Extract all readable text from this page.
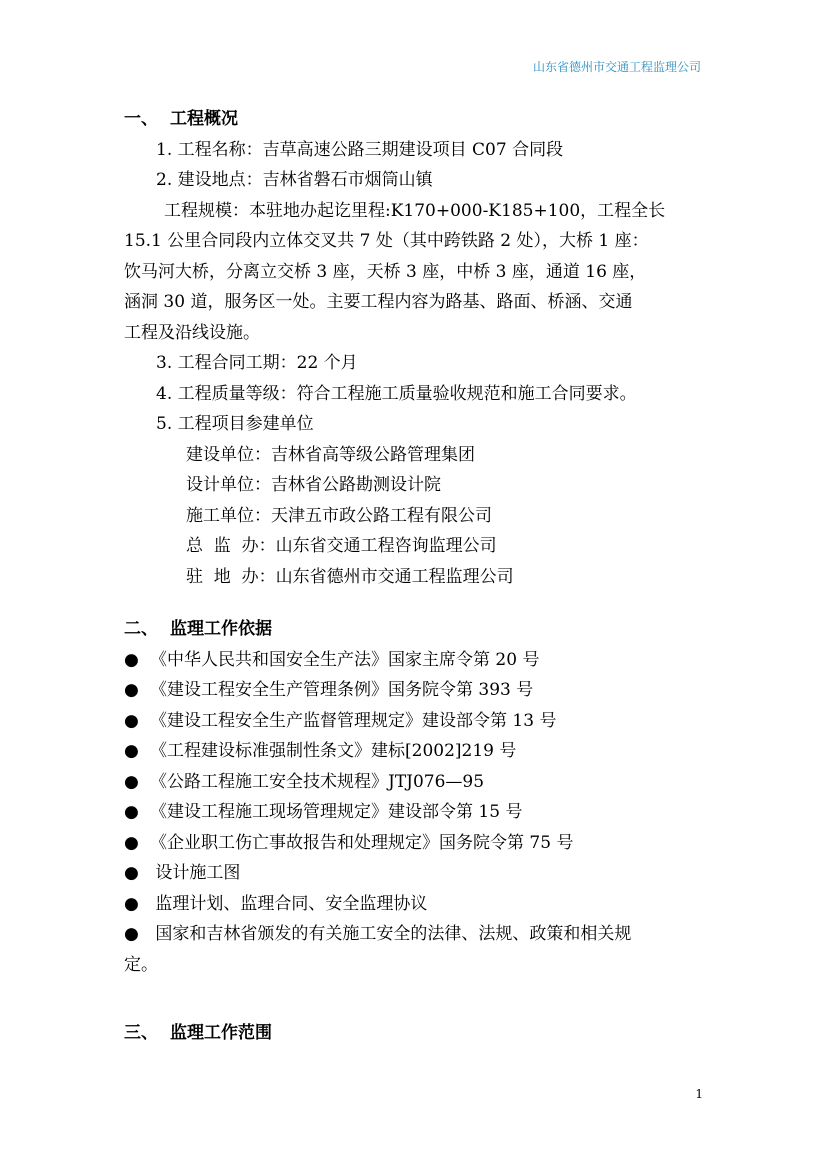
山东省德州市交通工程监理公司
一、 工程概况
1. 工程名称：吉草高速公路三期建设项目 C07 合同段
2. 建设地点：吉林省磐石市烟筒山镇
工程规模：本驻地办起讫里程:K170+000-K185+100，工程全长
15.1 公里合同段内立体交叉共 7 处（其中跨铁路 2 处），大桥 1 座：
饮马河大桥，分离立交桥 3 座，天桥 3 座，中桥 3 座，通道 16 座，
涵洞 30 道，服务区一处。主要工程内容为路基、路面、桥涵、交通
工程及沿线设施。
3. 工程合同工期：22 个月
4. 工程质量等级：符合工程施工质量验收规范和施工合同要求。
5. 工程项目参建单位
建设单位：吉林省高等级公路管理集团
设计单位：吉林省公路勘测设计院
施工单位：天津五市政公路工程有限公司
总  监  办：山东省交通工程咨询监理公司
驻  地  办：山东省德州市交通工程监理公司
二、 监理工作依据
● 《中华人民共和国安全生产法》国家主席令第 20 号
● 《建设工程安全生产管理条例》国务院令第 393 号
● 《建设工程安全生产监督管理规定》建设部令第 13 号
● 《工程建设标准强制性条文》建标[2002]219 号
● 《公路工程施工安全技术规程》JTJ076—95
● 《建设工程施工现场管理规定》建设部令第 15 号
● 《企业职工伤亡事故报告和处理规定》国务院令第 75 号
● 设计施工图
● 监理计划、监理合同、安全监理协议
● 国家和吉林省颁发的有关施工安全的法律、法规、政策和相关规
定。
三、 监理工作范围
1
